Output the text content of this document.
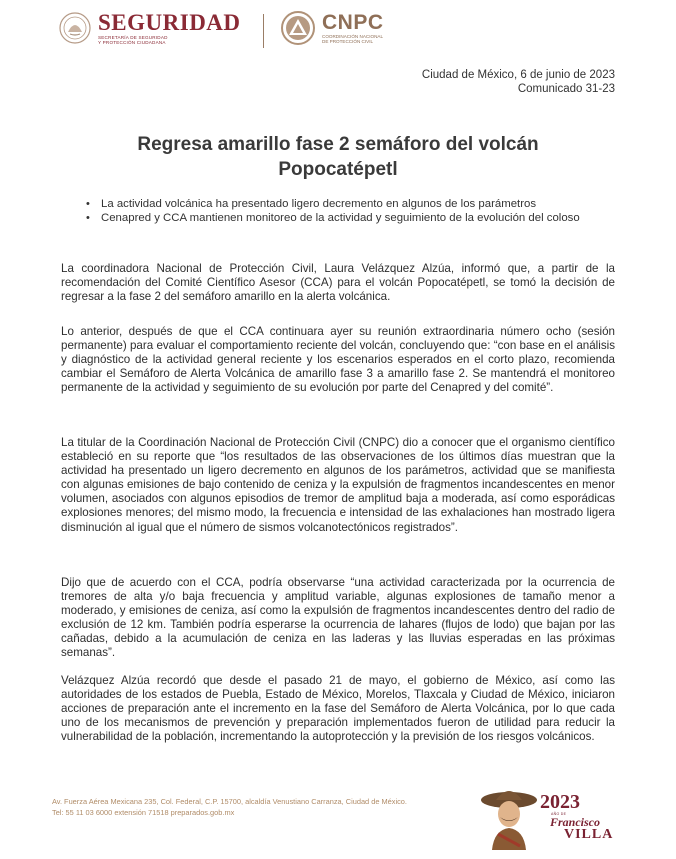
SEGURIDAD
SECRETARÍA DE SEGURIDAD
Y PROTECCIÓN CIUDADANA
CNPC
COORDINACIÓN NACIONAL
DE PROTECCIÓN CIVIL
Ciudad de México, 6 de junio de 2023
Comunicado 31-23
Regresa amarillo fase 2 semáforo del volcán
Popocatépetl
• La actividad volcánica ha presentado ligero decremento en algunos de los parámetros
• Cenapred y CCA mantienen monitoreo de la actividad y seguimiento de la evolución del coloso

La coordinadora Nacional de Protección Civil, Laura Velázquez Alzúa, informó que, a partir de la recomendación del Comité Científico Asesor (CCA) para el volcán Popocatépetl, se tomó la decisión de regresar a la fase 2 del semáforo amarillo en la alerta volcánica.

Lo anterior, después de que el CCA continuara ayer su reunión extraordinaria número ocho (sesión permanente) para evaluar el comportamiento reciente del volcán, concluyendo que: “con base en el análisis y diagnóstico de la actividad general reciente y los escenarios esperados en el corto plazo, recomienda cambiar el Semáforo de Alerta Volcánica de amarillo fase 3 a amarillo fase 2. Se mantendrá el monitoreo permanente de la actividad y seguimiento de su evolución por parte del Cenapred y del comité”.

La titular de la Coordinación Nacional de Protección Civil (CNPC) dio a conocer que el organismo científico estableció en su reporte que “los resultados de las observaciones de los últimos días muestran que la actividad ha presentado un ligero decremento en algunos de los parámetros, actividad que se manifiesta con algunas emisiones de bajo contenido de ceniza y la expulsión de fragmentos incandescentes en menor volumen, asociados con algunos episodios de tremor de amplitud baja a moderada, así como esporádicas explosiones menores; del mismo modo, la frecuencia e intensidad de las exhalaciones han mostrado ligera disminución al igual que el número de sismos volcanotectónicos registrados”.

Dijo que de acuerdo con el CCA, podría observarse “una actividad caracterizada por la ocurrencia de tremores de alta y/o baja frecuencia y amplitud variable, algunas explosiones de tamaño menor a moderado, y emisiones de ceniza, así como la expulsión de fragmentos incandescentes dentro del radio de exclusión de 12 km. También podría esperarse la ocurrencia de lahares (flujos de lodo) que bajan por las cañadas, debido a la acumulación de ceniza en las laderas y las lluvias esperadas en las próximas semanas”.

Velázquez Alzúa recordó que desde el pasado 21 de mayo, el gobierno de México, así como las autoridades de los estados de Puebla, Estado de México, Morelos, Tlaxcala y Ciudad de México, iniciaron acciones de preparación ante el incremento en la fase del Semáforo de Alerta Volcánica, por lo que cada uno de los mecanismos de prevención y preparación implementados fueron de utilidad para reducir la vulnerabilidad de la población, incrementando la autoprotección y la previsión de los riesgos volcánicos.

Av. Fuerza Aérea Mexicana 235, Col. Federal, C.P. 15700, alcaldía Venustiano Carranza, Ciudad de México.
Tel: 55 11 03 6000 extensión 71518 preparados.gob.mx	2023
AÑO DE
Francisco
VILLA
